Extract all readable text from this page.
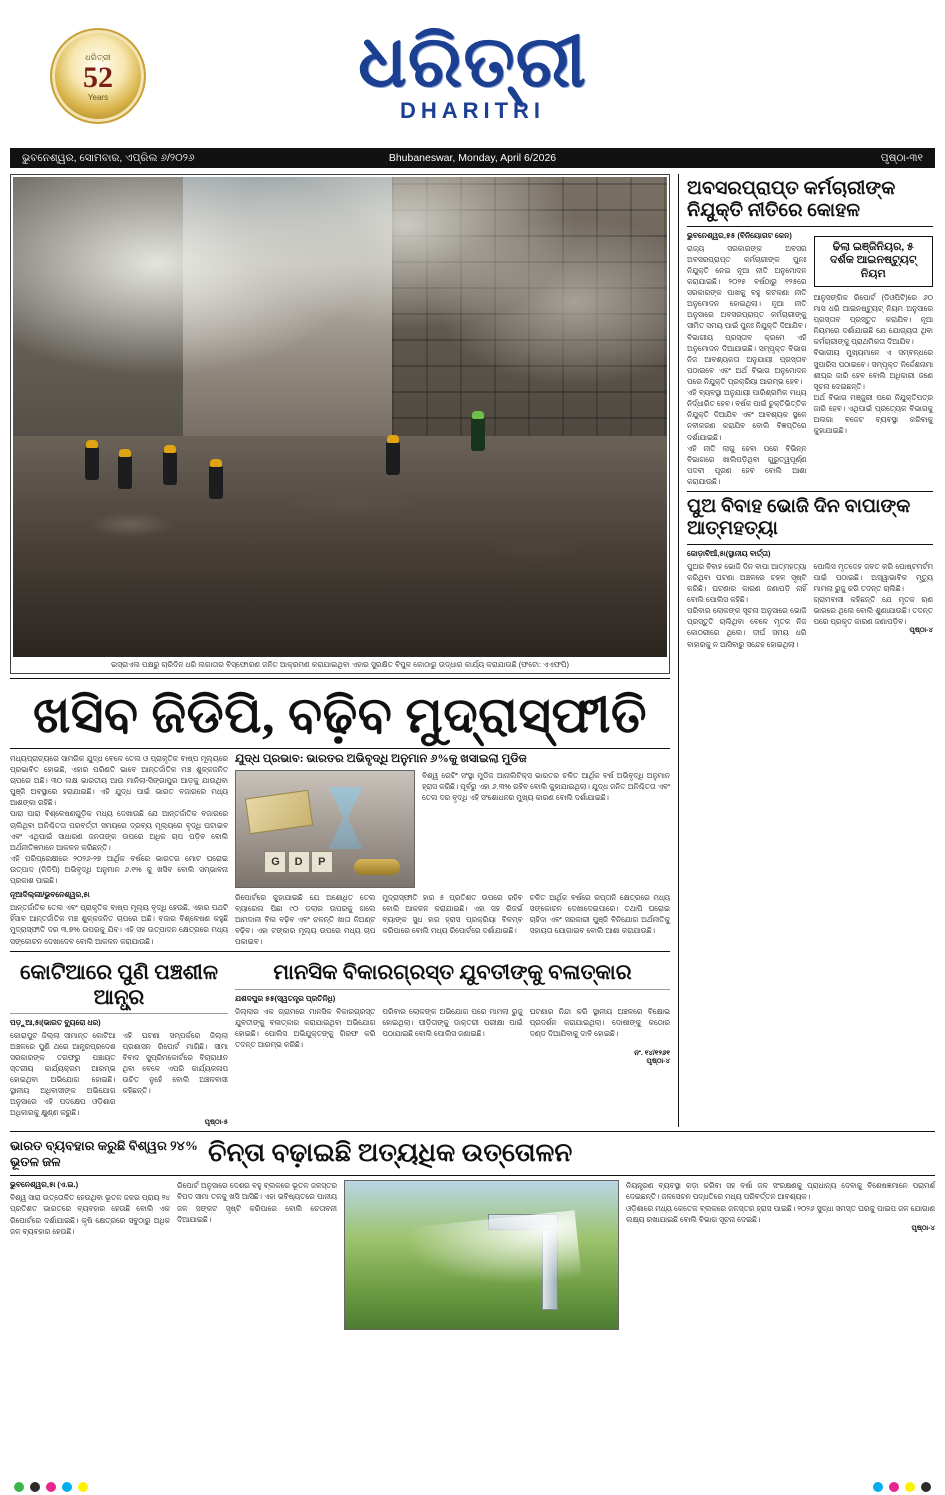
ଧରିତ୍ରୀ
52
Years	ଧରିତ୍ରୀ
DHARITRI
ଭୁବନେଶ୍ୱର, ସୋମବାର, ଏପ୍ରିଲ ୬/୨୦୨୬	Bhubaneswar, Monday, April 6/2026	ପୃଷ୍ଠା-୩୧
ଇସ୍ରାଏଲ ପକ୍ଷରୁ ଚାରିଦିନ ଧରି ଲଗାତାର ବିସ୍ଫୋରଣ ଜନିତ ଆକ୍ରମଣ କରାଯାଇଥିବା ଏହାର ସୁରକ୍ଷିତ ବିପୁଳ କୋଠାରୁ ଉଦ୍ଧାର କାର୍ଯ୍ୟ କରାଯାଉଛି (ଫଟୋ: ଏଏଫପି)
ଖସିବ ଜିଡିପି, ବଢ଼ିବ ମୁଦ୍ରାସ୍ଫୀତି
ମଧ୍ୟପ୍ରାଚ୍ୟରେ ସାମରିକ ଯୁଦ୍ଧ ବେଳେ ତେଲ ଓ ପ୍ରାକୃତିକ ବାଷ୍ପ ମୂଲ୍ୟରେ ପ୍ରଭାବିତ ହୋଇଛି, ଏହାର ପରିଣତି ଭାବେ ଆନ୍ତର୍ଜାତିକ ମଞ୍ଚ ଶୁଳ୍କଜନିତ ଚାପରେ ଅଛି। ୩୦ ଲକ୍ଷ ଭାରତୀୟ ଆଉ ମାନିଲା-ସିଙ୍ଗାପୁର ଆଡ଼କୁ ଯାଉଥିବା ପୁଞ୍ଜି ଅବସ୍ଥାରେ ହରାଯାଇଛି। ଏହି ଯୁଦ୍ଧ ପାଇଁ ଭାରତ ବଜାରରେ ମଧ୍ୟ ଆଶଙ୍କା ରହିଛି।
ପାରା ପାରା ବିଶ୍ଳେଷଣଗୁଡ଼ିକ ମଧ୍ୟ ଦେଖାଉଛି ଯେ ଆନ୍ତର୍ଜାତିକ ବଜାରରେ ଚାଲିଥିବା ଅନିଶ୍ଚିତତା ପରବର୍ତ୍ତୀ ସମୟରେ ଦ୍ରବ୍ୟ ମୂଲ୍ୟରେ ବୃଦ୍ଧି ଘଟାଇବ ଏବଂ ଏଥିପାଇଁ ସାଧାରଣ ଜନତାଙ୍କ ଉପରେ ଅଧିକ ଚାପ ପଡ଼ିବ ବୋଲି ଅର୍ଥନୀତିଜ୍ଞମାନେ ଆକଳନ କରିଛନ୍ତି।
ଏହି ପରିପ୍ରେକ୍ଷୀରେ ୨୦୨୬-୨୭ ଆର୍ଥିକ ବର୍ଷରେ ଭାରତର ମୋଟ ଘରୋଇ ଉତ୍ପାଦ (ଜିଡିପି) ଅଭିବୃଦ୍ଧି ଅନୁମାନ ୬.୧% କୁ ଖସିବ ବୋଲି ସମ୍ଭାବନା ପ୍ରକାଶ ପାଇଛି।
ନୂଆଦିଲ୍ଲୀ/ଭୁବନେଶ୍ୱର,୫ା
ଆନ୍ତର୍ଜାତିକ ତେଲ ଏବଂ ପ୍ରାକୃତିକ ବାଷ୍ପ ମୂଲ୍ୟ ବୃଦ୍ଧି ହେଉଛି, ଏହାର ପଥଟି ହିଁସାବ ଆନ୍ତର୍ଜାତିକ ମଞ୍ଚ ଶୁଳ୍କଜନିତ ଚାପରେ ଅଛି। ବଜାର ବିଶ୍ଳେଷଣ କହୁଛି ମୁଦ୍ରାସ୍ଫୀତି ଦର ୩.୭% ଉପରକୁ ଯିବ। ଏହି ସହ ଉତ୍ପାଦନ କ୍ଷେତ୍ରରେ ମଧ୍ୟ ସଙ୍କୋଚନ ଦେଖାଦେବ ବୋଲି ଆକଳନ କରାଯାଉଛି।
ଯୁଦ୍ଧ ପ୍ରଭାବ: ଭାରତର ଅଭିବୃଦ୍ଧି ଅନୁମାନ ୬%କୁ ଖସାଇଲା ମୁଡିଜ
G	D	P
ବିଶ୍ୱ ରେଟିଂ ସଂସ୍ଥା ମୁଡିଜ ଆନାଲିଟିକ୍ସ ଭାରତର ଚଳିତ ଆର୍ଥିକ ବର୍ଷ ଅଭିବୃଦ୍ଧି ଅନୁମାନ ହ୍ରାସ କରିଛି। ପୂର୍ବରୁ ଏହା ୬.୩% ରହିବ ବୋଲି କୁହାଯାଇଥିଲା। ଯୁଦ୍ଧ ଜନିତ ଅନିଶ୍ଚିତତା ଏବଂ ତେଲ ଦର ବୃଦ୍ଧି ଏହି ସଂଶୋଧନର ମୁଖ୍ୟ କାରଣ ବୋଲି ଦର୍ଶାଯାଇଛି।
ରିପୋର୍ଟରେ କୁହାଯାଇଛି ଯେ ଅଶୋଧିତ ତେଲ ବ୍ୟାରେଲ ପିଛା ୯୦ ଡଲାର ଉପରକୁ ଗଲେ ଆମଦାନୀ ବିଲ ବଢ଼ିବ ଏବଂ ଚଳନ୍ତି ଖାତା ନିଅଣ୍ଟ ବଢ଼ିବ। ଏହା ଟଙ୍କାର ମୂଲ୍ୟ ଉପରେ ମଧ୍ୟ ଚାପ ପକାଇବ।
ମୁଦ୍ରାସ୍ଫୀତି ହାର ୫ ପ୍ରତିଶତ ଉପରେ ରହିବ ବୋଲି ଆକଳନ କରାଯାଇଛି। ଏହା ସହ ରିଜର୍ଭ ବ୍ୟାଙ୍କ ସୁଧ ହାର ହ୍ରାସ ପ୍ରକ୍ରିୟା ବିଳମ୍ବ କରିପାରେ ବୋଲି ମଧ୍ୟ ରିପୋର୍ଟରେ ଦର୍ଶାଯାଇଛି।
ଚଳିତ ଆର୍ଥିକ ବର୍ଷରେ ରପ୍ତାନି କ୍ଷେତ୍ରରେ ମଧ୍ୟ ସଙ୍କୋଚନ ଦେଖାଦେଇପାରେ। ତଥାପି ଘରୋଇ ଚାହିଦା ଏବଂ ସରକାରୀ ପୁଞ୍ଜି ବିନିଯୋଗ ଅର୍ଥନୀତିକୁ ସହାୟତା ଯୋଗାଇବ ବୋଲି ଆଶା କରାଯାଉଛି।
କୋଟିଆରେ ପୁଣି ପଞ୍ଚଶୀଳ ଆନ୍ଧ୍ର
ପଡ଼ୁଆ,୫ା(ଭାରତ ବ୍ୟୁରୋ ଧର)
କୋରାପୁଟ ଜିଲ୍ଲା ସୀମାନ୍ତ କୋଟିଆ ଅଞ୍ଚଳରେ ପୁଣି ଥରେ ଆନ୍ଧ୍ରପ୍ରଦେଶ ସରକାରଙ୍କ ତରଫରୁ ପଞ୍ଚାୟତ ସ୍ତରୀୟ କାର୍ଯ୍ୟକ୍ରମ ଆରମ୍ଭ ହୋଇଥିବା ଅଭିଯୋଗ ହୋଇଛି। ସ୍ଥାନୀୟ ଅଧିବାସୀଙ୍କ ଅଭିଯୋଗ ଅନୁସାରେ ଏହି ପଦକ୍ଷେପ ଓଡ଼ିଶାର ଅଧିକାରକୁ କ୍ଷୁଣ୍ଣ କରୁଛି।
ଏହି ଘଟଣା ସମ୍ପର୍କରେ ଜିଲ୍ଲା ପ୍ରଶାସନ ରିପୋର୍ଟ ମାଗିଛି। ସୀମା ବିବାଦ ସୁପ୍ରିମକୋର୍ଟରେ ବିଚାରାଧୀନ ଥିବା ବେଳେ ଏପରି କାର୍ଯ୍ୟକଳାପ ଉଚିତ ନୁହେଁ ବୋଲି ଅଞ୍ଚଳବାସୀ କହିଛନ୍ତି।
ପୃଷ୍ଠା-୫
ମାନସିକ ବିକାରଗ୍ରସ୍ତ ଯୁବତୀଙ୍କୁ ବଳାତ୍କାର
ଯଶଦପୁର ୫୫(ସ୍ୱତନ୍ତ୍ର ପ୍ରତିନିଧି)
ଜିଲ୍ଲାର ଏକ ଗ୍ରାମରେ ମାନସିକ ବିକାରଗ୍ରସ୍ତ ଯୁବତୀଙ୍କୁ ବଳାତ୍କାର କରାଯାଇଥିବା ଅଭିଯୋଗ ହୋଇଛି। ପୋଲିସ ଅଭିଯୁକ୍ତଙ୍କୁ ଗିରଫ କରି ତଦନ୍ତ ଆରମ୍ଭ କରିଛି।
ପରିବାର ଲୋକଙ୍କ ଅଭିଯୋଗ ପରେ ମାମଲା ରୁଜୁ ହୋଇଥିଲା। ପୀଡ଼ିତାଙ୍କୁ ଡାକ୍ତରୀ ପରୀକ୍ଷା ପାଇଁ ପଠାଯାଇଛି ବୋଲି ପୋଲିସ ଜଣାଇଛି।
ଘଟଣାର ନିନ୍ଦା କରି ସ୍ଥାନୀୟ ଅଞ୍ଚଳରେ ବିକ୍ଷୋଭ ପ୍ରଦର୍ଶନ କରାଯାଇଥିଲା। ଦୋଷୀଙ୍କୁ କଠୋର ଦଣ୍ଡ ଦିଆଯିବାକୁ ଦାବି ହୋଇଛି।
ନଂ. ୧୪/୧୨୬୧
ପୃଷ୍ଠା-୪
ଅବସରପ୍ରାପ୍ତ କର୍ମଚାରୀଙ୍କ ନିଯୁକ୍ତି ନୀତିରେ କୋହଳ
ଭୁବନେଶ୍ୱର,୫୫ (ବିନିୟୋଗଟ କେନ)
ରାଜ୍ୟ ସରକାରଙ୍କ ଅବସର ଅବସରପ୍ରାପ୍ତ କର୍ମଚାରୀଙ୍କ ପୁନଃ ନିଯୁକ୍ତି ନେଇ ନୂଆ ନୀତି ଅନୁମୋଦନ କରାଯାଇଛି। ୨୦୨୫ ବର୍ଷଠାରୁ ୧୨୫ରେ ସରକାରଙ୍କ ପାଖକୁ ବହୁ କଟକଣା ନୀତି ଅନୁମୋଦନ ହୋଇଥିଲା। ନୂଆ ନୀତି ଅନୁସାରେ ଅବସରପ୍ରାପ୍ତ କର୍ମଚାରୀଙ୍କୁ ସୀମିତ ସମୟ ପାଇଁ ପୁନଃ ନିଯୁକ୍ତି ଦିଆଯିବ।
ବିଭାଗୀୟ ପ୍ରସ୍ତାବ କ୍ରମେ ଏହି ଅନୁମୋଦନ ଦିଆଯାଇଛି। ସମ୍ପୃକ୍ତ ବିଭାଗ ନିଜ ଆବଶ୍ୟକତା ଅନୁଯାୟୀ ପ୍ରସ୍ତାବ ପଠାଇବେ ଏବଂ ଅର୍ଥ ବିଭାଗ ଅନୁମୋଦନ ପରେ ନିଯୁକ୍ତି ପ୍ରକ୍ରିୟା ଆରମ୍ଭ ହେବ।
ଏହି ବ୍ୟବସ୍ଥା ଅନୁଯାୟୀ ପାରିଶ୍ରମିକ ମଧ୍ୟ ନିର୍ଦ୍ଧାରିତ ହେବ। ବର୍ଷକ ପାଇଁ ଚୁକ୍ତିଭିତ୍ତିକ ନିଯୁକ୍ତି ଦିଆଯିବ ଏବଂ ଆବଶ୍ୟକ ସ୍ଥଳେ ନବୀକରଣ କରାଯିବ ବୋଲି ବିଜ୍ଞପ୍ତିରେ ଦର୍ଶାଯାଇଛି।
ଏହି ନୀତି ଲାଗୁ ହେବା ପରେ ବିଭିନ୍ନ ବିଭାଗରେ ଖାଲିପଡ଼ିଥିବା ଗୁରୁତ୍ୱପୂର୍ଣ୍ଣ ପଦବୀ ପୂରଣ ହେବ ବୋଲି ଆଶା କରାଯାଉଛି।
ଢିଲା ଇଞ୍ଜିନିୟର, ୫ ଦର୍ଶକ ଆଇନଷ୍ଟ୍ୟୁଟ୍ ନିୟମ
ଆନୁସଙ୍ଗିକ ରିପୋର୍ଟ (ଡିଓପିଟି)ରେ ୬୦ ମାସ ଧରି ଆଇନଷ୍ଟ୍ୟୁଟ୍ ନିୟମ ଅନୁସାରେ ପ୍ରସ୍ତାବ ପ୍ରସ୍ତୁତ କରାଯିବ। ନୂଆ ନିୟମରେ ଦର୍ଶାଯାଇଛି ଯେ ଯୋଗ୍ୟତା ଥିବା କର୍ମଚାରୀଙ୍କୁ ପ୍ରାଥମିକତା ଦିଆଯିବ।
ବିଭାଗୀୟ ମୁଖ୍ୟମାନେ ଏ ସମ୍ବନ୍ଧରେ ସୁପାରିସ ପଠାଇବେ। ସମ୍ପୃକ୍ତ ନିର୍ଦ୍ଦେଶନାମା ଶୀଘ୍ର ଜାରି ହେବ ବୋଲି ଅଧିକାରୀ ଜଣେ ସୂଚନା ଦେଇଛନ୍ତି।
ଅର୍ଥ ବିଭାଗ ମଞ୍ଜୁରୀ ପରେ ନିଯୁକ୍ତିପତ୍ର ଜାରି ହେବ। ଏଥିପାଇଁ ପ୍ରତ୍ୟେକ ବିଭାଗକୁ ଅଲଗା ବଜେଟ ବ୍ୟବସ୍ଥା କରିବାକୁ କୁହାଯାଇଛି।
ପୁଅ ବିବାହ ଭୋଜି ଦିନ ବାପାଙ୍କ ଆତ୍ମହତ୍ୟା
ଜୋଡ଼ାବିଆଁ,୫ା(ସ୍ଥାନୀୟ ବାର୍ତ୍ତା)
ପୁଅର ବିବାହ ଭୋଜି ଦିନ ବାପା ଆତ୍ମହତ୍ୟା କରିଥିବା ଘଟଣା ଅଞ୍ଚଳରେ ଚହଳ ସୃଷ୍ଟି କରିଛି। ଘଟଣାର କାରଣ ଜଣାପଡ଼ି ନାହିଁ ବୋଲି ପୋଲିସ କହିଛି।
ପରିବାର ଲୋକଙ୍କ ସୂଚନା ଅନୁସାରେ ଭୋଜି ପ୍ରସ୍ତୁତି ଚାଲିଥିବା ବେଳେ ମୃତକ ନିଜ କୋଠରୀରେ ଥିଲେ। ଦୀର୍ଘ ସମୟ ଧରି ବାହାରକୁ ନ ଆସିବାରୁ ସନ୍ଦେହ ହୋଇଥିଲା।
ପୋଲିସ ମୃତଦେହ ଜବତ କରି ପୋଷ୍ଟମର୍ଟମ ପାଇଁ ପଠାଇଛି। ଅସ୍ୱାଭାବିକ ମୃତ୍ୟୁ ମାମଲା ରୁଜୁ କରି ତଦନ୍ତ ଚାଲିଛି।
ଗ୍ରାମବାସୀ କହିଛନ୍ତି ଯେ ମୃତକ ଋଣ ଭାରରେ ଥିଲେ ବୋଲି ଶୁଣାଯାଉଛି। ତଦନ୍ତ ପରେ ପ୍ରକୃତ କାରଣ ଜଣାପଡ଼ିବ।
ପୃଷ୍ଠା-୪
ଭାରତ ବ୍ୟବହାର କରୁଛି ବିଶ୍ୱର ୨୪% ଭୂତଳ ଜଳ	ଚିନ୍ତା ବଢ଼ାଇଛି ଅତ୍ୟଧିକ ଉତ୍ତୋଳନ
ଭୁବନେଶ୍ୱର,୫ା (ଏ.ଇ.)
ବିଶ୍ୱ ସାରା ଉତ୍ତୋଳିତ ହେଉଥିବା ଭୂତଳ ଜଳର ପ୍ରାୟ ୨୪ ପ୍ରତିଶତ ଭାରତରେ ବ୍ୟବହାର ହେଉଛି ବୋଲି ଏକ ରିପୋର୍ଟରେ ଦର୍ଶାଯାଇଛି। କୃଷି କ୍ଷେତ୍ରରେ ସବୁଠାରୁ ଅଧିକ ଜଳ ବ୍ୟବହାର ହେଉଛି।
ରିପୋର୍ଟ ଅନୁସାରେ ଦେଶର ବହୁ ବ୍ଲକରେ ଭୂତଳ ଜଳସ୍ତର ବିପଦ ସୀମା ତଳକୁ ଖସି ଆସିଛି। ଏହା ଭବିଷ୍ୟତରେ ପାନୀୟ ଜଳ ସଙ୍କଟ ସୃଷ୍ଟି କରିପାରେ ବୋଲି ଚେତାବନୀ ଦିଆଯାଇଛି।
ନିୟନ୍ତ୍ରଣ ବ୍ୟବସ୍ଥା କଡ଼ା କରିବା ସହ ବର୍ଷା ଜଳ ସଂରକ୍ଷଣକୁ ପ୍ରାଧାନ୍ୟ ଦେବାକୁ ବିଶେଷଜ୍ଞମାନେ ପରାମର୍ଶ ଦେଇଛନ୍ତି। ଜଳସେଚନ ପଦ୍ଧତିରେ ମଧ୍ୟ ପରିବର୍ତ୍ତନ ଆବଶ୍ୟକ।
ଓଡ଼ିଶାରେ ମଧ୍ୟ କେତେକ ବ୍ଲକରେ ଜଳସ୍ତର ହ୍ରାସ ପାଇଛି। ୨୦୨୬ ସୁଦ୍ଧା ସମସ୍ତ ଘରକୁ ପାଇପ ଜଳ ଯୋଗାଣ ଲକ୍ଷ୍ୟ ରଖାଯାଇଛି ବୋଲି ବିଭାଗ ସୂଚନା ଦେଇଛି।
ପୃଷ୍ଠା-୪
